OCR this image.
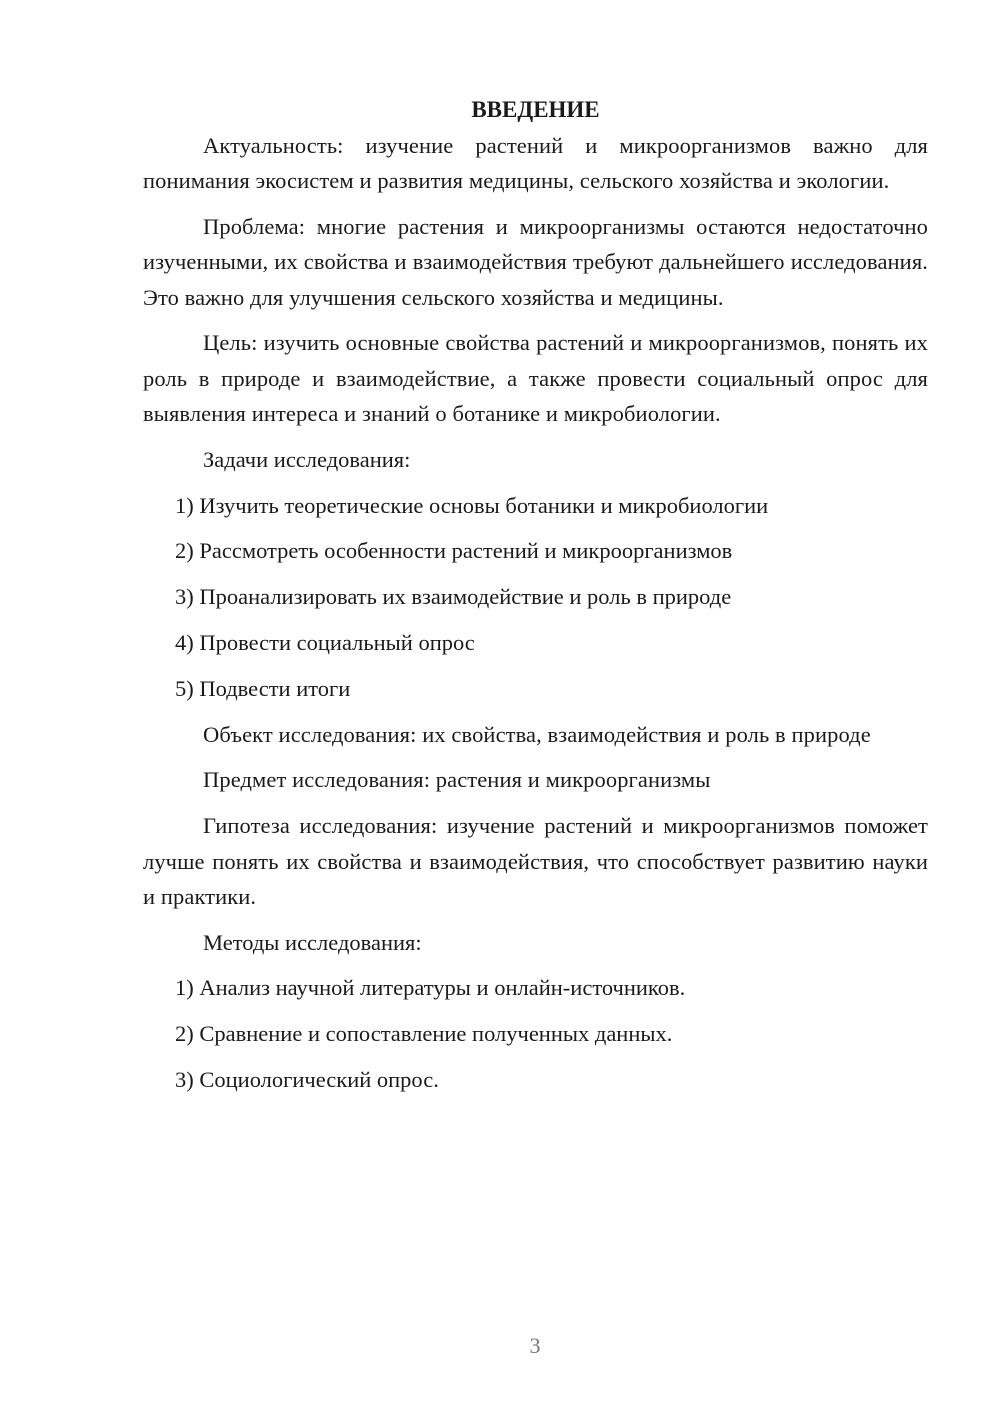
ВВЕДЕНИЕ

Актуальность: изучение растений и микроорганизмов важно для понимания экосистем и развития медицины, сельского хозяйства и экологии.

Проблема: многие растения и микроорганизмы остаются недостаточно изученными, их свойства и взаимодействия требуют дальнейшего исследования. Это важно для улучшения сельского хозяйства и медицины.

Цель: изучить основные свойства растений и микроорганизмов, понять их роль в природе и взаимодействие, а также провести социальный опрос для выявления интереса и знаний о ботанике и микробиологии.

Задачи исследования:

1) Изучить теоретические основы ботаники и микробиологии
2) Рассмотреть особенности растений и микроорганизмов
3) Проанализировать их взаимодействие и роль в природе
4) Провести социальный опрос
5) Подвести итоги

Объект исследования: их свойства, взаимодействия и роль в природе

Предмет исследования: растения и микроорганизмы

Гипотеза исследования: изучение растений и микроорганизмов поможет лучше понять их свойства и взаимодействия, что способствует развитию науки и практики.

Методы исследования:

1) Анализ научной литературы и онлайн-источников.
2) Сравнение и сопоставление полученных данных.
3) Социологический опрос.
3
